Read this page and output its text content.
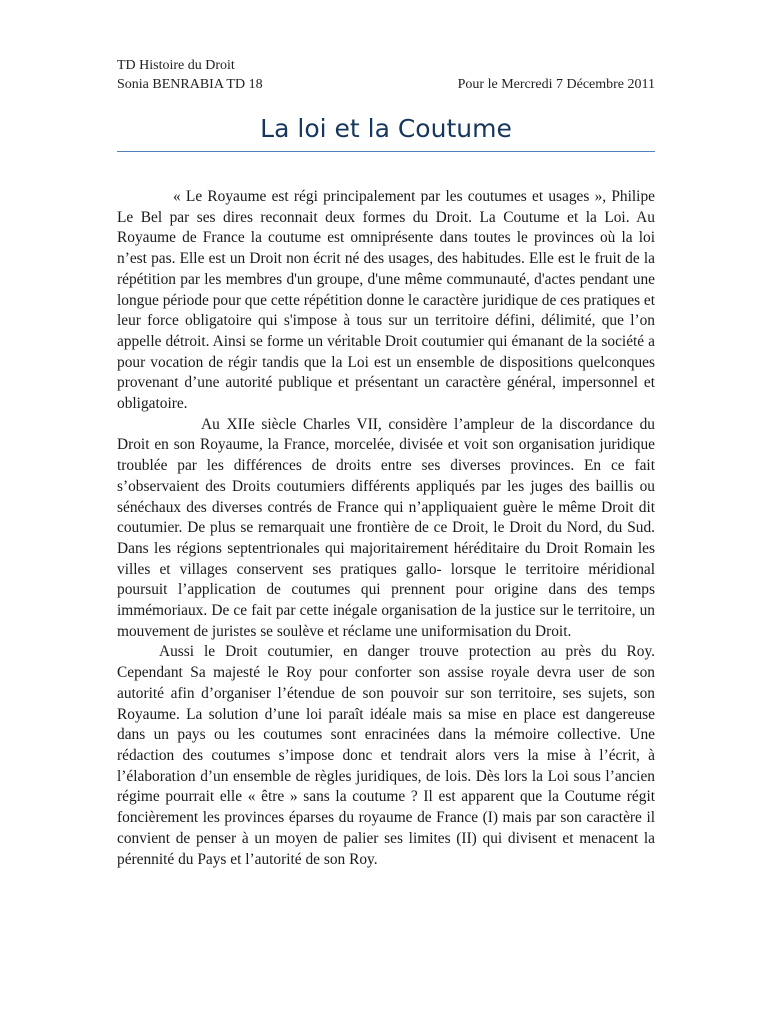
TD Histoire du Droit
Sonia BENRABIA TD 18	Pour le Mercredi 7 Décembre 2011
La loi et la Coutume

« Le Royaume est régi principalement par les coutumes et usages », Philipe Le Bel par ses dires reconnait deux formes du Droit. La Coutume et la Loi. Au Royaume de France la coutume est omniprésente dans toutes le provinces où la loi n’est pas. Elle est un Droit non écrit né des usages, des habitudes. Elle est le fruit de la répétition par les membres d'un groupe, d'une même communauté, d'actes pendant une longue période pour que cette répétition donne le caractère juridique de ces pratiques et leur force obligatoire qui s'impose à tous sur un territoire défini, délimité, que l’on appelle détroit. Ainsi se forme un véritable Droit coutumier qui émanant de la société a pour vocation de régir tandis que la Loi est un ensemble de dispositions quelconques provenant d’une autorité publique et présentant un caractère général, impersonnel et obligatoire.

Au XIIe siècle Charles VII, considère l’ampleur de la discordance du Droit en son Royaume, la France, morcelée, divisée et voit son organisation juridique troublée par les différences de droits entre ses diverses provinces. En ce fait s’observaient des Droits coutumiers différents appliqués par les juges des baillis ou sénéchaux des diverses contrés de France qui n’appliquaient guère le même Droit dit coutumier. De plus se remarquait une frontière de ce Droit, le Droit du Nord, du Sud. Dans les régions septentrionales qui majoritairement héréditaire du Droit Romain les villes et villages conservent ses pratiques gallo- lorsque le territoire méridional poursuit l’application de coutumes qui prennent pour origine dans des temps immémoriaux. De ce fait par cette inégale organisation de la justice sur le territoire, un mouvement de juristes se soulève et réclame une uniformisation du Droit.

Aussi le Droit coutumier, en danger trouve protection au près du Roy. Cependant Sa majesté le Roy pour conforter son assise royale devra user de son autorité afin d’organiser l’étendue de son pouvoir sur son territoire, ses sujets, son Royaume. La solution d’une loi paraît idéale mais sa mise en place est dangereuse dans un pays ou les coutumes sont enracinées dans la mémoire collective. Une rédaction des coutumes s’impose donc et tendrait alors vers la mise à l’écrit, à l’élaboration d’un ensemble de règles juridiques, de lois. Dès lors la Loi sous l’ancien régime pourrait elle « être » sans la coutume ? Il est apparent que la Coutume régit foncièrement les provinces éparses du royaume de France (I) mais par son caractère il convient de penser à un moyen de palier ses limites (II) qui divisent et menacent la pérennité du Pays et l’autorité de son Roy.
